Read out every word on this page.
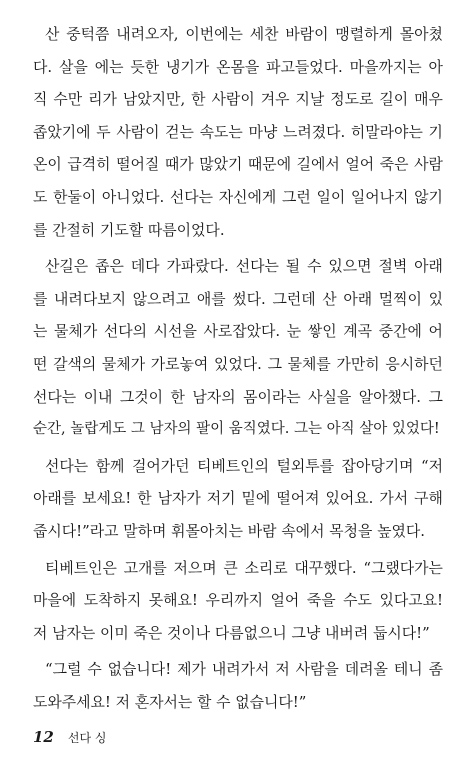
산 중턱쯤 내려오자, 이번에는 세찬 바람이 맹렬하게 몰아쳤
다. 살을 에는 듯한 냉기가 온몸을 파고들었다. 마을까지는 아
직 수만 리가 남았지만, 한 사람이 겨우 지날 정도로 길이 매우
좁았기에 두 사람이 걷는 속도는 마냥 느려졌다. 히말라야는 기
온이 급격히 떨어질 때가 많았기 때문에 길에서 얼어 죽은 사람
도 한둘이 아니었다. 선다는 자신에게 그런 일이 일어나지 않기
를 간절히 기도할 따름이었다.
산길은 좁은 데다 가파랐다. 선다는 될 수 있으면 절벽 아래
를 내려다보지 않으려고 애를 썼다. 그런데 산 아래 멀찍이 있
는 물체가 선다의 시선을 사로잡았다. 눈 쌓인 계곡 중간에 어
떤 갈색의 물체가 가로놓여 있었다. 그 물체를 가만히 응시하던
선다는 이내 그것이 한 남자의 몸이라는 사실을 알아챘다. 그
순간, 놀랍게도 그 남자의 팔이 움직였다. 그는 아직 살아 있었다!
선다는 함께 걸어가던 티베트인의 털외투를 잡아당기며 “저
아래를 보세요! 한 남자가 저기 밑에 떨어져 있어요. 가서 구해
줍시다!”라고 말하며 휘몰아치는 바람 속에서 목청을 높였다.
티베트인은 고개를 저으며 큰 소리로 대꾸했다. “그랬다가는
마을에 도착하지 못해요! 우리까지 얼어 죽을 수도 있다고요!
저 남자는 이미 죽은 것이나 다름없으니 그냥 내버려 둡시다!”
“그럴 수 없습니다! 제가 내려가서 저 사람을 데려올 테니 좀
도와주세요! 저 혼자서는 할 수 없습니다!”
12 선다 싱
